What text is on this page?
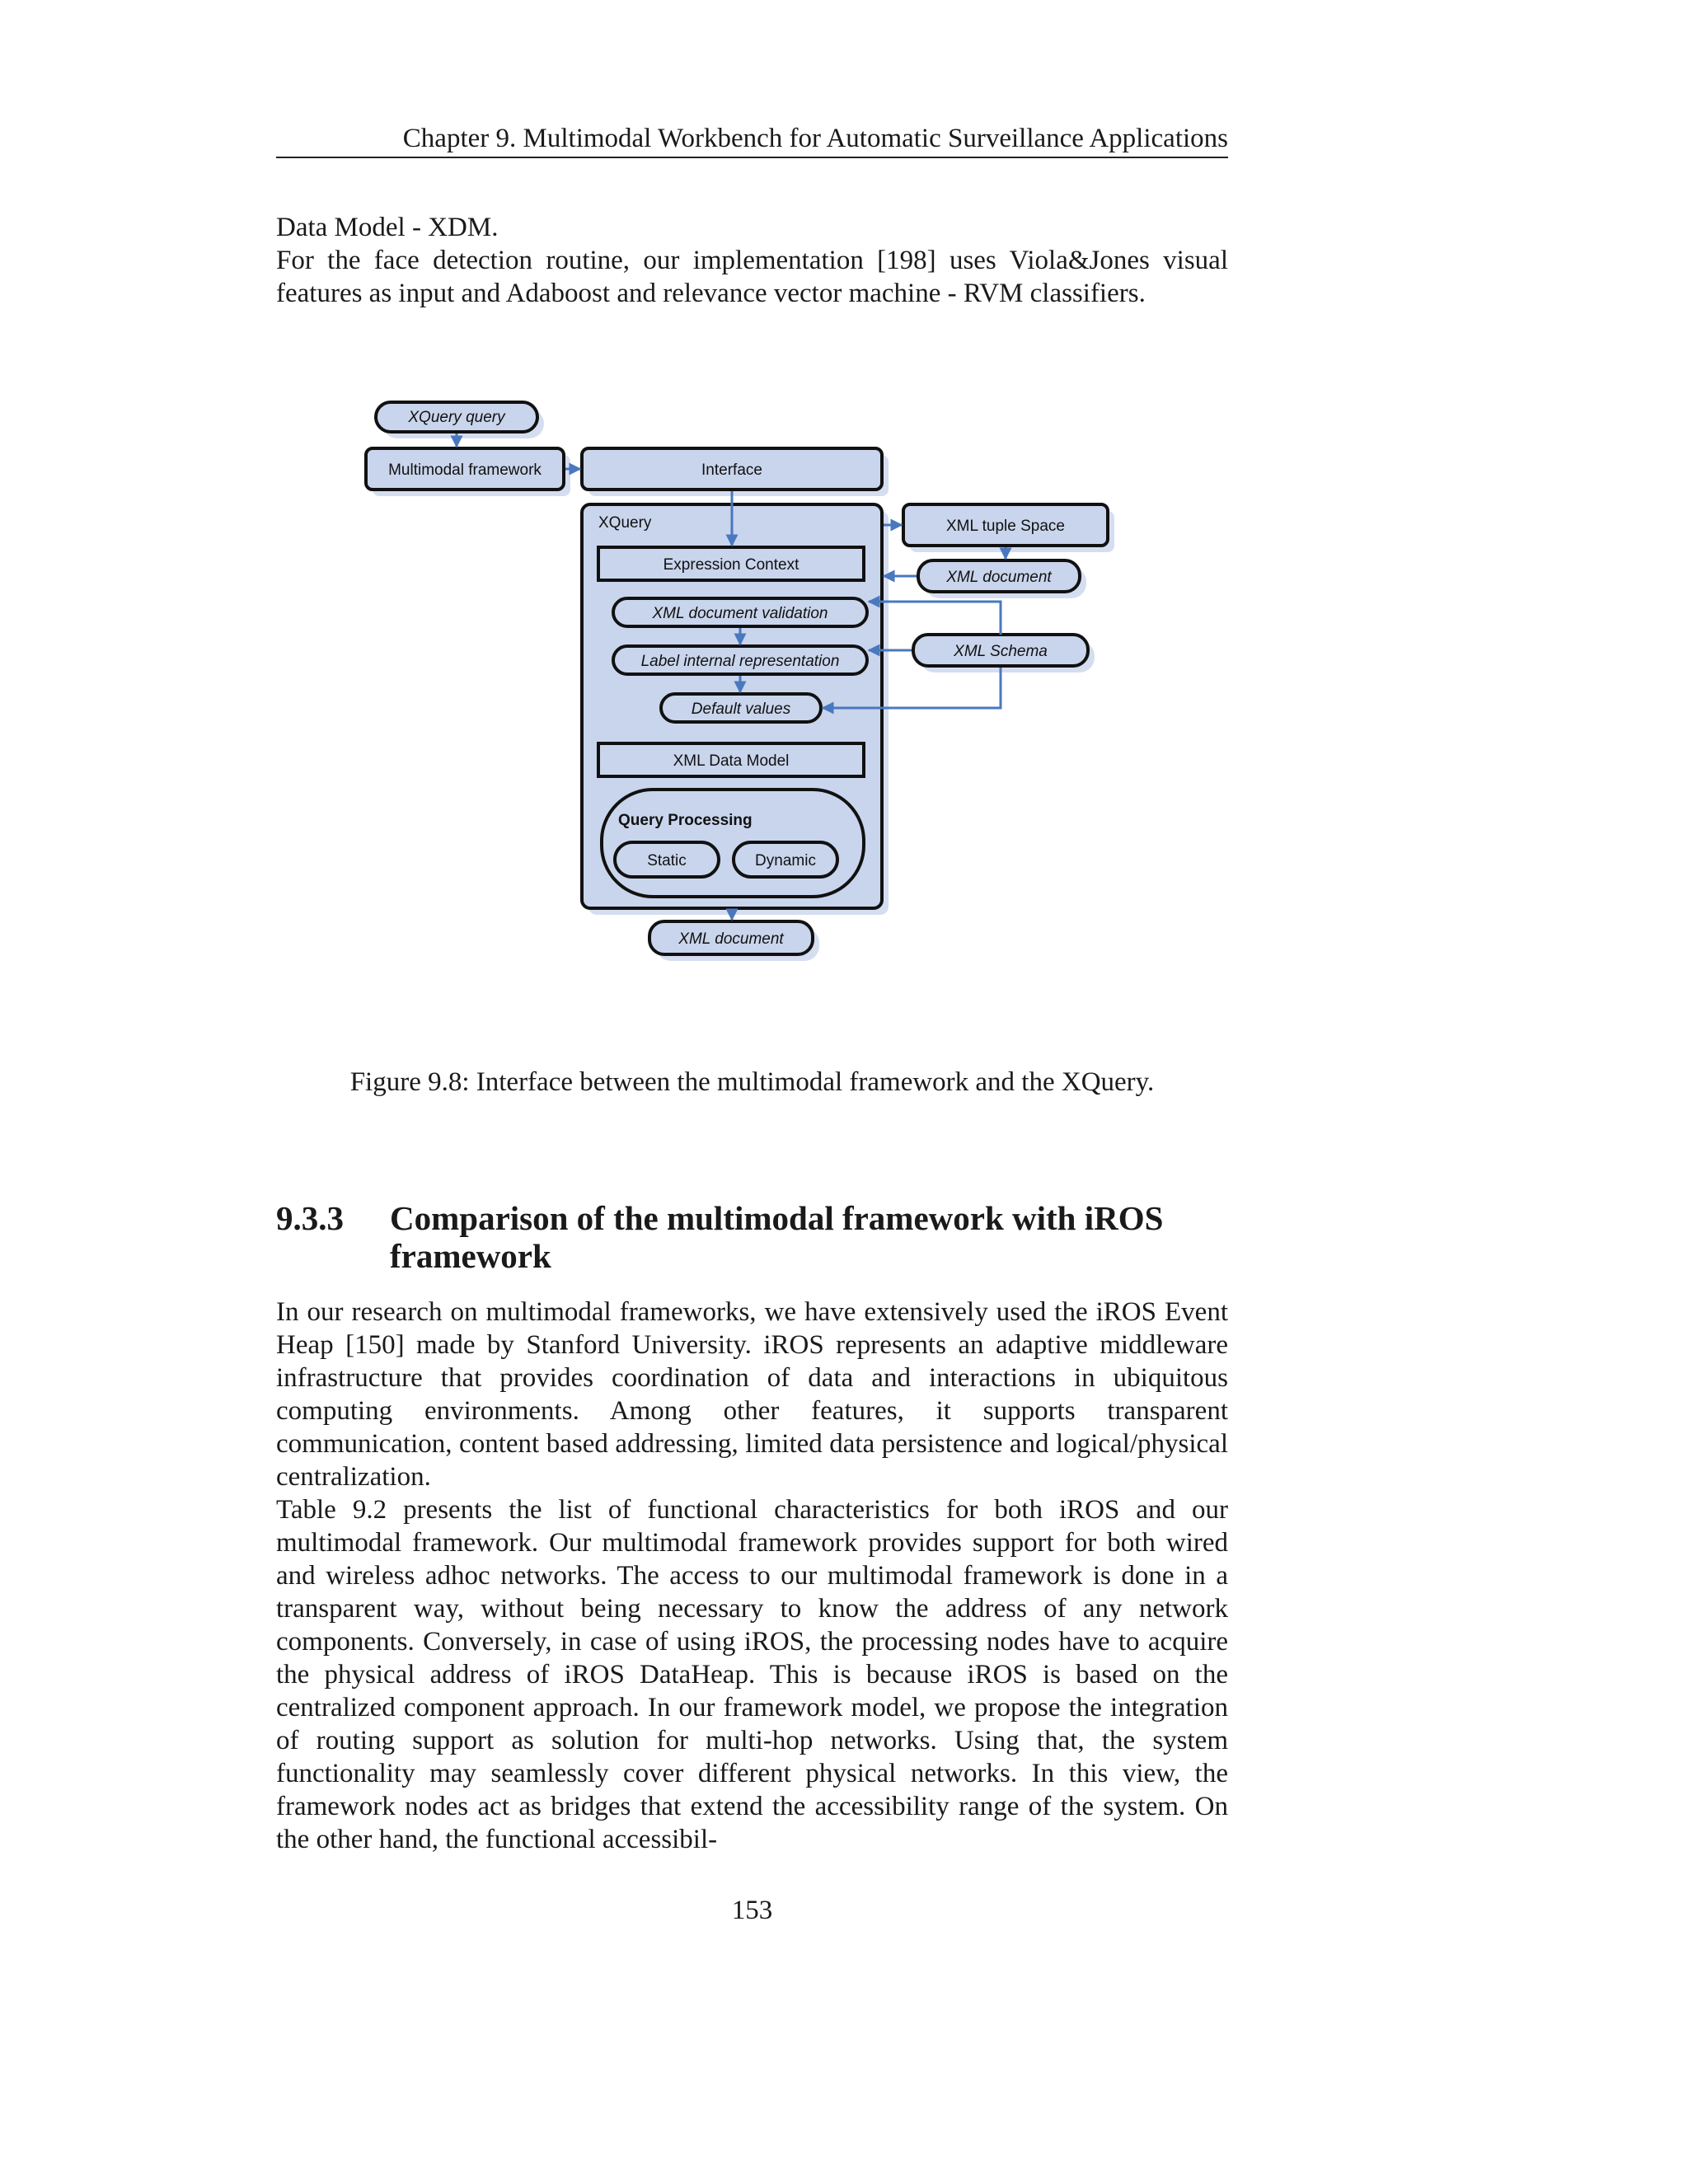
Chapter 9. Multimodal Workbench for Automatic Surveillance Applications

Data Model - XDM.

For the face detection routine, our implementation [198] uses Viola&Jones visual features as input and Adaboost and relevance vector machine - RVM classifiers.

XQuery query
Multimodal framework	Interface
XQuery
Expression Context
XML document validation
Label internal representation
Default values
XML Data Model
Query Processing
Static	Dynamic
XML document
XML tuple Space
XML document
XML Schema
Figure 9.8: Interface between the multimodal framework and the XQuery.
9.3.3 Comparison of the multimodal framework with iROS framework

In our research on multimodal frameworks, we have extensively used the iROS Event Heap [150] made by Stanford University. iROS represents an adaptive middleware infrastructure that provides coordination of data and interactions in ubiquitous computing environments. Among other features, it supports transparent communication, content based addressing, limited data persistence and logical/physical centralization.

Table 9.2 presents the list of functional characteristics for both iROS and our multimodal framework. Our multimodal framework provides support for both wired and wireless adhoc networks. The access to our multimodal framework is done in a transparent way, without being necessary to know the address of any network components. Conversely, in case of using iROS, the processing nodes have to acquire the physical address of iROS DataHeap. This is because iROS is based on the centralized component approach. In our framework model, we propose the integration of routing support as solution for multi-hop networks. Using that, the system functionality may seamlessly cover different physical networks. In this view, the framework nodes act as bridges that extend the accessibility range of the system. On the other hand, the functional accessibil-

153
